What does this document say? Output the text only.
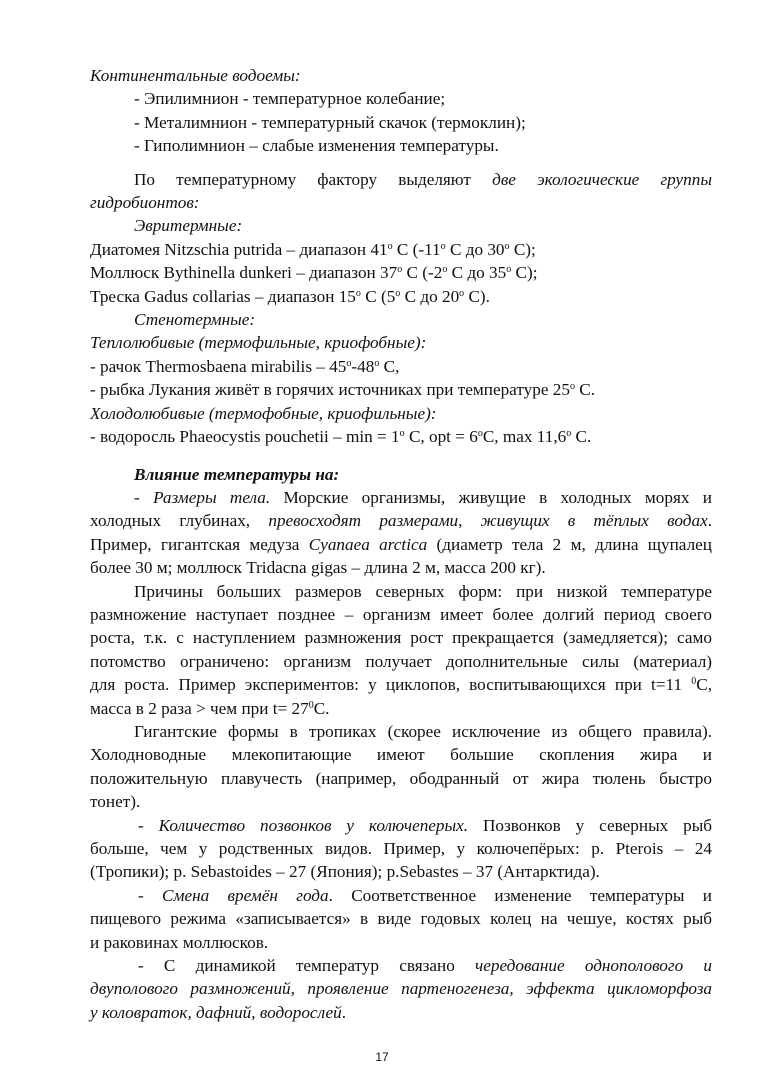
Континентальные водоемы:
- Эпилимнион - температурное колебание;
- Металимнион - температурный скачок (термоклин);
- Гиполимнион – слабые изменения температуры.
По температурному фактору выделяют две экологические группы
гидробионтов:
Эвритермные:
Диатомея Nitzschia putrida – диапазон 41$^o$ C (-11$^o$ C до 30$^o$ C);
Моллюск Bythinella dunkeri – диапазон 37$^o$ C (-2$^o$ C до 35$^o$ C);
Треска Gadus collarias – диапазон 15$^o$ C (5$^o$ C до 20$^o$ C).
Стенотермные:
Теплолюбивые (термофильные, криофобные):
- рачок Thermosbaena mirabilis – 45$^o$-48$^o$ C,
- рыбка Лукания живёт в горячих источниках при температуре 25$^o$ C.
Холодолюбивые (термофобные, криофильные):
- водоросль Phaeocystis pouchetii – $\min = 1^o$ C, opt = $6^oC$, max 11,6$^o$ C.
Влияние температуры на:
- Размеры тела. Морские организмы, живущие в холодных морях и
холодных глубинах, превосходят размерами, живущих в тёплых водах.
Пример, гигантская медуза Cyanaea arctica (диаметр тела 2 м, длина щупалец
более 30 м; моллюск Tridacna gigas – длина 2 м, масса 200 кг).
Причины больших размеров северных форм: при низкой температуре
размножение наступает позднее – организм имеет более долгий период своего
роста, т.к. с наступлением размножения рост прекращается (замедляется); само
потомство ограничено: организм получает дополнительные силы (материал)
для роста. Пример экспериментов: у циклопов, воспитывающихся при t=11 $^0$C,
масса в 2 раза > чем при $t= 27^0C$.
Гигантские формы в тропиках (скорее исключение из общего правила).
Холодноводные млекопитающие имеют большие скопления жира и
положительную плавучесть (например, ободранный от жира тюлень быстро
тонет).
- Количество позвонков у колючеперых. Позвонков у северных рыб
больше, чем у родственных видов. Пример, у колючепёрых: р. Pterois – 24
(Тропики); р. Sebastoides – 27 (Япония); р.Sebastes – 37 (Антарктида).
- Смена времён года. Соответственное изменение температуры и
пищевого режима «записывается» в виде годовых колец на чешуе, костях рыб
и раковинах моллюсков.
- С динамикой температур связано чередование однополового и
двуполового размножений, проявление партеногенеза, эффекта цикломорфоза
у коловраток, дафний, водорослей.
17
